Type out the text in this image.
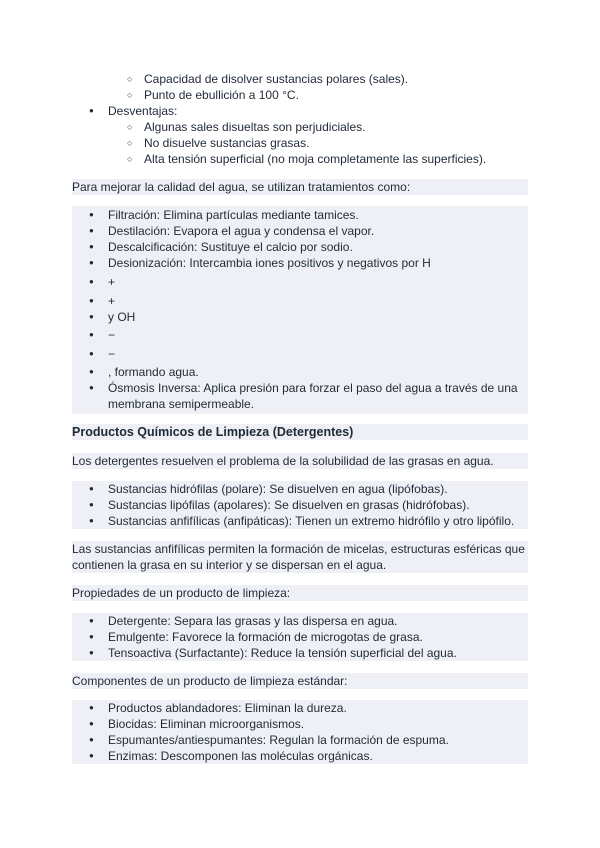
○ Capacidad de disolver sustancias polares (sales).
○ Punto de ebullición a 100 °C.
● Desventajas:
○ Algunas sales disueltas son perjudiciales.
○ No disuelve sustancias grasas.
○ Alta tensión superficial (no moja completamente las superficies).

Para mejorar la calidad del agua, se utilizan tratamientos como:

● Filtración: Elimina partículas mediante tamices.
● Destilación: Evapora el agua y condensa el vapor.
● Descalcificación: Sustituye el calcio por sodio.
● Desionización: Intercambia iones positivos y negativos por H
● +
● +
● y OH
● −
● −
● , formando agua.
● Ósmosis Inversa: Aplica presión para forzar el paso del agua a través de una membrana semipermeable.

Productos Químicos de Limpieza (Detergentes)

Los detergentes resuelven el problema de la solubilidad de las grasas en agua.

● Sustancias hidrófilas (polare): Se disuelven en agua (lipófobas).
● Sustancias lipófilas (apolares): Se disuelven en grasas (hidrófobas).
● Sustancias anfifílicas (anfipáticas): Tienen un extremo hidrófilo y otro lipófilo.

Las sustancias anfifílicas permiten la formación de micelas, estructuras esféricas que contienen la grasa en su interior y se dispersan en el agua.

Propiedades de un producto de limpieza:

● Detergente: Separa las grasas y las dispersa en agua.
● Emulgente: Favorece la formación de microgotas de grasa.
● Tensoactiva (Surfactante): Reduce la tensión superficial del agua.

Componentes de un producto de limpieza estándar:

● Productos ablandadores: Eliminan la dureza.
● Biocidas: Eliminan microorganismos.
● Espumantes/antiespumantes: Regulan la formación de espuma.
● Enzimas: Descomponen las moléculas orgánicas.
